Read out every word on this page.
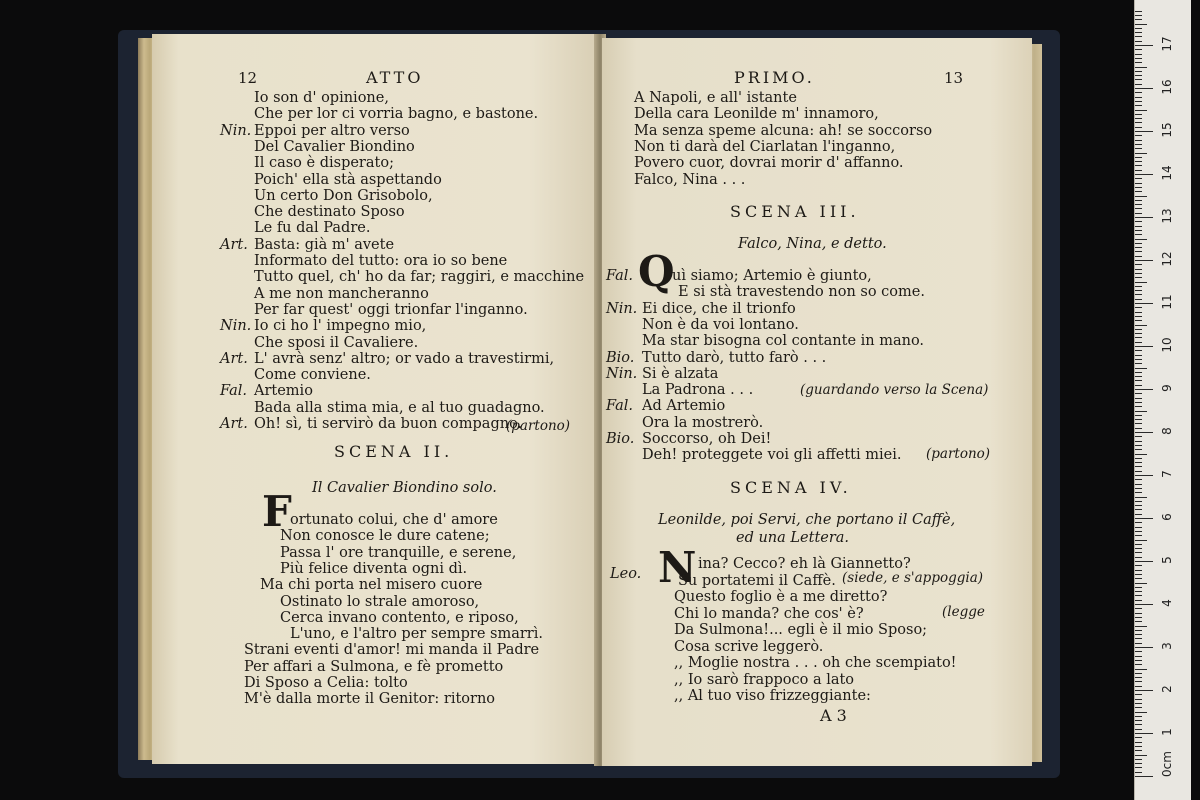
12	ATTO
Io son d' opinione,
Che per lor ci vorria bagno, e bastone.
Nin. Eppoi per altro verso
Del Cavalier Biondino
Il caso è disperato;
Poich' ella stà aspettando
Un certo Don Grisobolo,
Che destinato Sposo
Le fu dal Padre.
Art. Basta: già m' avete
Informato del tutto: ora io so bene
Tutto quel, ch' ho da far; raggiri, e macchine
A me non mancheranno
Per far quest' oggi trionfar l'inganno.
Nin. Io ci ho l' impegno mio,
Che sposi il Cavaliere.
Art. L' avrà senz' altro; or vado a travestirmi,
Come conviene.
Fal. Artemio
Bada alla stima mia, e al tuo guadagno.
Art. Oh! sì, ti servirò da buon compagno.
(partono)
SCENA II.
Il Cavalier Biondino solo.
F
ortunato colui, che d' amore
Non conosce le dure catene;
Passa l' ore tranquille, e serene,
Più felice diventa ogni dì.
Ma chi porta nel misero cuore
Ostinato lo strale amoroso,
Cerca invano contento, e riposo,
L'uno, e l'altro per sempre smarrì.
Strani eventi d'amor! mi manda il Padre
Per affari a Sulmona, e fè prometto
Di Sposo a Celia: tolto
M'è dalla morte il Genitor: ritorno
PRIMO.	13
A Napoli, e all' istante
Della cara Leonilde m' innamoro,
Ma senza speme alcuna: ah! se soccorso
Non ti darà del Ciarlatan l'inganno,
Povero cuor, dovrai morir d' affanno.
Falco, Nina . . .
SCENA III.
Falco, Nina, e detto.
Q
Fal.	uì siamo; Artemio è giunto,
E si stà travestendo non so come.
Nin. Ei dice, che il trionfo
Non è da voi lontano.
Ma star bisogna col contante in mano.
Bio. Tutto darò, tutto farò . . .
Nin. Si è alzata
La Padrona . . .
Fal. Ad Artemio
Ora la mostrerò.
Bio. Soccorso, oh Dei!
Deh! proteggete voi gli affetti miei.
(guardando verso la Scena)
(partono)
SCENA IV.
Leonilde, poi Servi, che portano il Caffè,
ed una Lettera.
Leo. N ina? Cecco? eh là Giannetto?
Su portatemi il Caffè.
Questo foglio è a me diretto?
Chi lo manda? che cos' è?
Da Sulmona!... egli è il mio Sposo;
Cosa scrive leggerò.
,, Moglie nostra . . . oh che scempiato!
,, Io sarò frappoco a lato
,, Al tuo viso frizzeggiante:
(siede, e s'appoggia)
(legge
A 3
0cm
1
2
3
4
5
6
7
8
9
10
11
12
13
14
15
16
17
